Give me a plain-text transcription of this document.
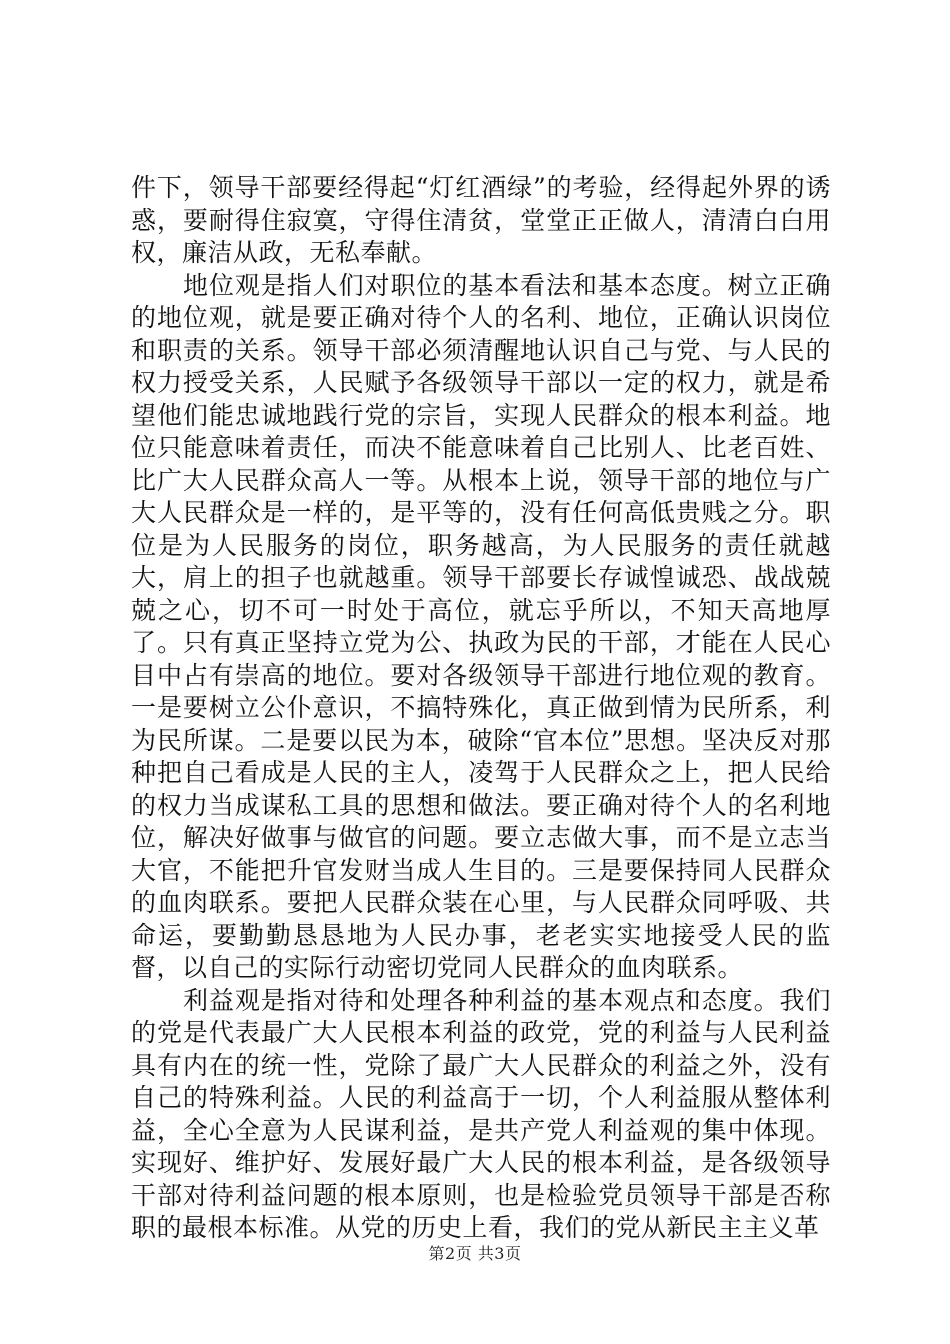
件下，领导干部要经得起“灯红酒绿”的考验，经得起外界的诱惑，要耐得住寂寞，守得住清贫，堂堂正正做人，清清白白用权，廉洁从政，无私奉献。

地位观是指人们对职位的基本看法和基本态度。树立正确的地位观，就是要正确对待个人的名利、地位，正确认识岗位和职责的关系。领导干部必须清醒地认识自己与党、与人民的权力授受关系，人民赋予各级领导干部以一定的权力，就是希望他们能忠诚地践行党的宗旨，实现人民群众的根本利益。地位只能意味着责任，而决不能意味着自己比别人、比老百姓、比广大人民群众高人一等。从根本上说，领导干部的地位与广大人民群众是一样的，是平等的，没有任何高低贵贱之分。职位是为人民服务的岗位，职务越高，为人民服务的责任就越大，肩上的担子也就越重。领导干部要长存诚惶诚恐、战战兢兢之心，切不可一时处于高位，就忘乎所以，不知天高地厚了。只有真正坚持立党为公、执政为民的干部，才能在人民心目中占有崇高的地位。要对各级领导干部进行地位观的教育。一是要树立公仆意识，不搞特殊化，真正做到情为民所系，利为民所谋。二是要以民为本，破除“官本位”思想。坚决反对那种把自己看成是人民的主人，凌驾于人民群众之上，把人民给的权力当成谋私工具的思想和做法。要正确对待个人的名利地位，解决好做事与做官的问题。要立志做大事，而不是立志当大官，不能把升官发财当成人生目的。三是要保持同人民群众的血肉联系。要把人民群众装在心里，与人民群众同呼吸、共命运，要勤勤恳恳地为人民办事，老老实实地接受人民的监督，以自己的实际行动密切党同人民群众的血肉联系。

利益观是指对待和处理各种利益的基本观点和态度。我们的党是代表最广大人民根本利益的政党，党的利益与人民利益具有内在的统一性，党除了最广大人民群众的利益之外，没有自己的特殊利益。人民的利益高于一切，个人利益服从整体利益，全心全意为人民谋利益，是共产党人利益观的集中体现。实现好、维护好、发展好最广大人民的根本利益，是各级领导干部对待利益问题的根本原则，也是检验党员领导干部是否称职的最根本标准。从党的历史上看，我们的党从新民主主义革

第2页 共3页
